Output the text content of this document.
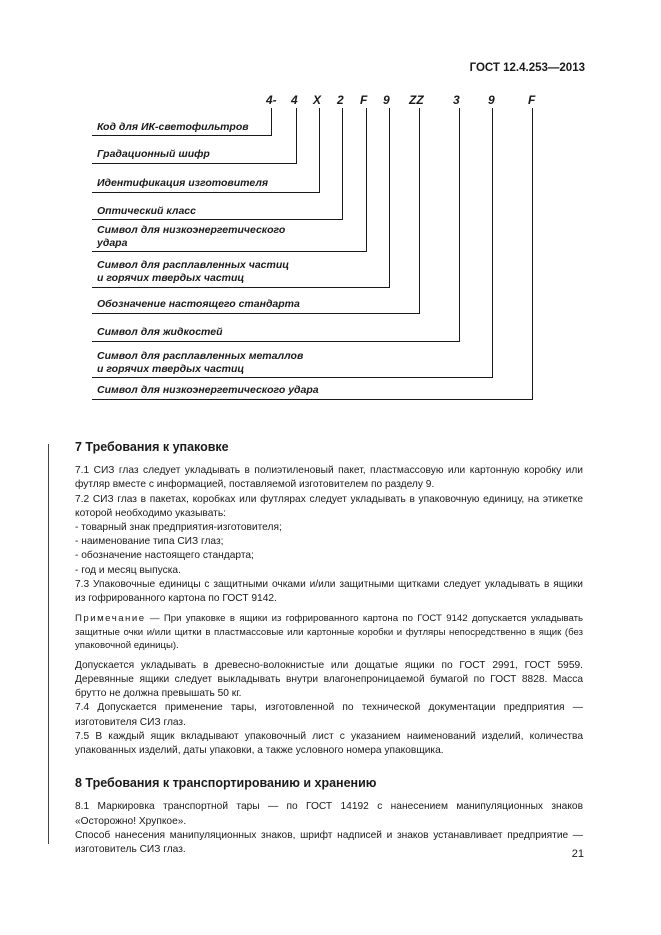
ГОСТ 12.4.253—2013
4- 4 X 2 F 9 ZZ 3 9	F
Код для ИК-светофильтров
Градационный шифр
Идентификация изготовителя
Оптический класс
Символ для низкоэнергетического
удара
Символ для расплавленных частиц
и горячих твердых частиц
Обозначение настоящего стандарта
Символ для жидкостей
Символ для расплавленных металлов
и горячих твердых частиц
Символ для низкоэнергетического удара
7 Требования к упаковке

7.1 СИЗ глаз следует укладывать в полиэтиленовый пакет, пластмассовую или картонную коробку или футляр вместе с информацией, поставляемой изготовителем по разделу 9.

7.2 СИЗ глаз в пакетах, коробках или футлярах следует укладывать в упаковочную единицу, на этикетке которой необходимо указывать:

- товарный знак предприятия-изготовителя;
- наименование типа СИЗ глаз;
- обозначение настоящего стандарта;
- год и месяц выпуска.

7.3 Упаковочные единицы с защитными очками и/или защитными щитками следует укладывать в ящики из гофрированного картона по ГОСТ 9142.

Примечание — При упаковке в ящики из гофрированного картона по ГОСТ 9142 допускается укладывать защитные очки и/или щитки в пластмассовые или картонные коробки и футляры непосредственно в ящик (без упаковочной единицы).

Допускается укладывать в древесно-волокнистые или дощатые ящики по ГОСТ 2991, ГОСТ 5959. Деревянные ящики следует выкладывать внутри влагонепроницаемой бумагой по ГОСТ 8828. Масса брутто не должна превышать 50 кг.

7.4 Допускается применение тары, изготовленной по технической документации предприятия — изготовителя СИЗ глаз.

7.5 В каждый ящик вкладывают упаковочный лист с указанием наименований изделий, количества упакованных изделий, даты упаковки, а также условного номера упаковщика.

8 Требования к транспортированию и хранению

8.1 Маркировка транспортной тары — по ГОСТ 14192 с нанесением манипуляционных знаков «Осторожно! Хрупкое».

Способ нанесения манипуляционных знаков, шрифт надписей и знаков устанавливает предприятие — изготовитель СИЗ глаз.	21
